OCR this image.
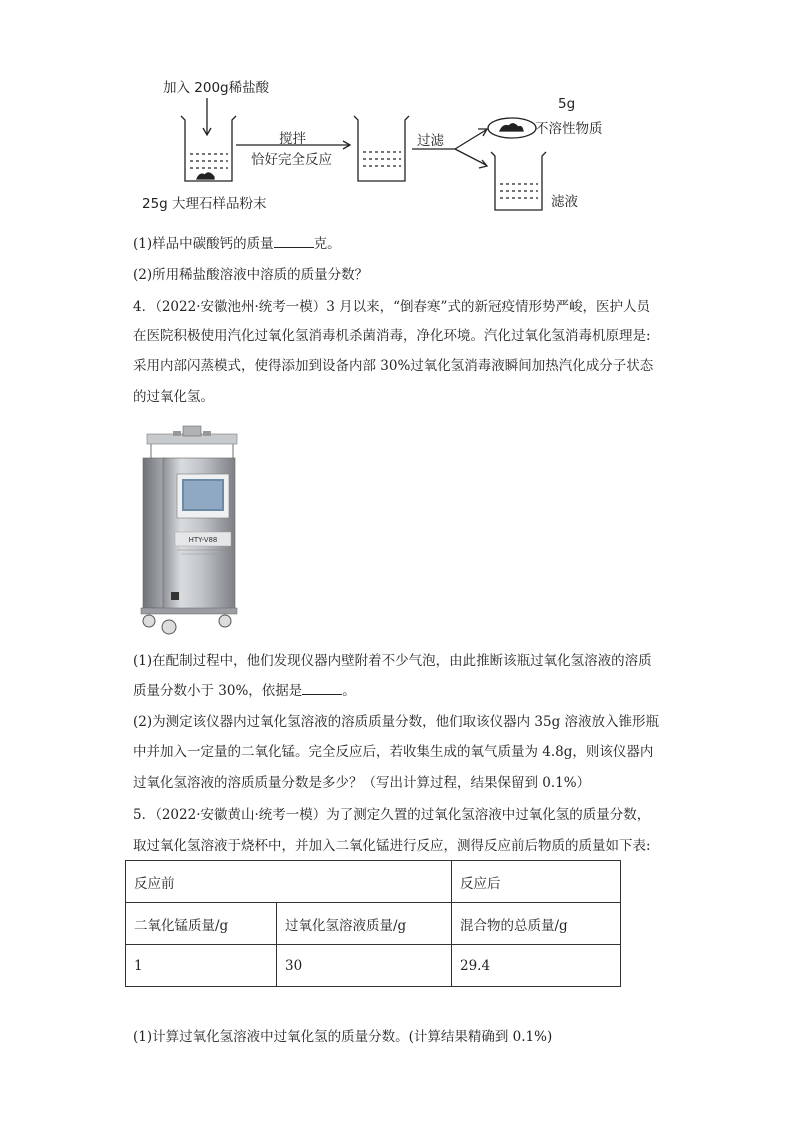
加入 200g稀盐酸
搅拌
恰好完全反应
过滤
5g
不溶性物质
25g 大理石样品粉末	滤液
(1)样品中碳酸钙的质量	克。
(2)所用稀盐酸溶液中溶质的质量分数？
4．（2022·安徽池州·统考一模）3 月以来，“倒春寒”式的新冠疫情形势严峻，医护人员
在医院积极使用汽化过氧化氢消毒机杀菌消毒，净化环境。汽化过氧化氢消毒机原理是:
采用内部闪蒸模式，使得添加到设备内部 30%过氧化氢消毒液瞬间加热汽化成分子状态
的过氧化氢。
HTY-V88
(1)在配制过程中，他们发现仪器内壁附着不少气泡，由此推断该瓶过氧化氢溶液的溶质
质量分数小于 30%，依据是	。
(2)为测定该仪器内过氧化氢溶液的溶质质量分数，他们取该仪器内 35g 溶液放入锥形瓶
中并加入一定量的二氧化锰。完全反应后，若收集生成的氧气质量为 4.8g，则该仪器内
过氧化氢溶液的溶质质量分数是多少？（写出计算过程，结果保留到 0.1%）
5．（2022·安徽黄山·统考一模）为了测定久置的过氧化氢溶液中过氧化氢的质量分数，
取过氧化氢溶液于烧杯中，并加入二氧化锰进行反应，测得反应前后物质的质量如下表:
反应前		反应后
二氧化锰质量/g	过氧化氢溶液质量/g	混合物的总质量/g
1	30	29.4
(1)计算过氧化氢溶液中过氧化氢的质量分数。(计算结果精确到 0.1%)
